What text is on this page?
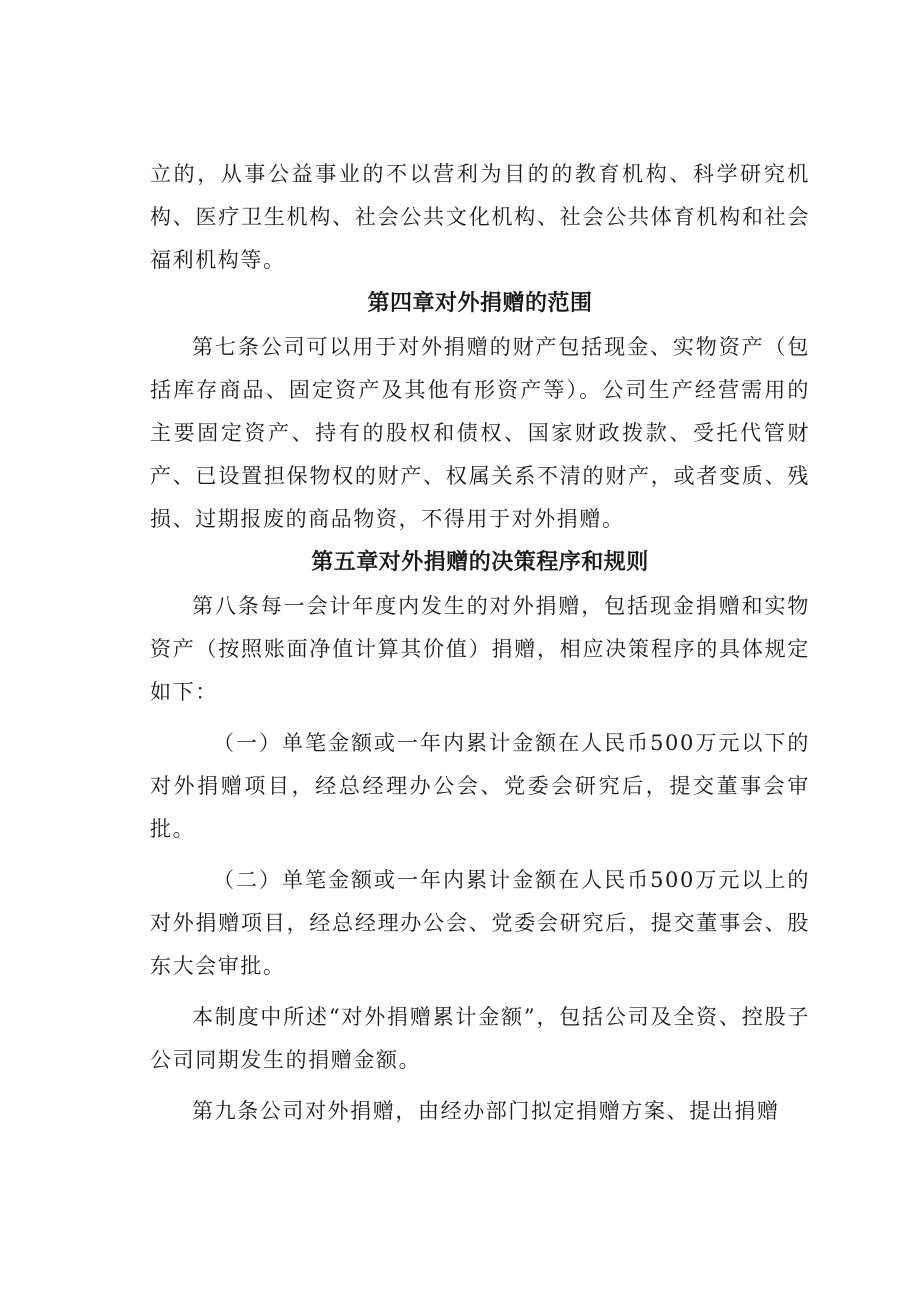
立的，从事公益事业的不以营利为目的的教育机构、科学研究机构、医疗卫生机构、社会公共文化机构、社会公共体育机构和社会福利机构等。

第四章对外捐赠的范围

第七条公司可以用于对外捐赠的财产包括现金、实物资产（包括库存商品、固定资产及其他有形资产等）。公司生产经营需用的主要固定资产、持有的股权和债权、国家财政拨款、受托代管财产、已设置担保物权的财产、权属关系不清的财产，或者变质、残损、过期报废的商品物资，不得用于对外捐赠。

第五章对外捐赠的决策程序和规则

第八条每一会计年度内发生的对外捐赠，包括现金捐赠和实物资产（按照账面净值计算其价值）捐赠，相应决策程序的具体规定如下：

（一）单笔金额或一年内累计金额在人民币500万元以下的对外捐赠项目，经总经理办公会、党委会研究后，提交董事会审批。

（二）单笔金额或一年内累计金额在人民币500万元以上的对外捐赠项目，经总经理办公会、党委会研究后，提交董事会、股东大会审批。

本制度中所述“对外捐赠累计金额”，包括公司及全资、控股子公司同期发生的捐赠金额。

第九条公司对外捐赠，由经办部门拟定捐赠方案、提出捐赠
